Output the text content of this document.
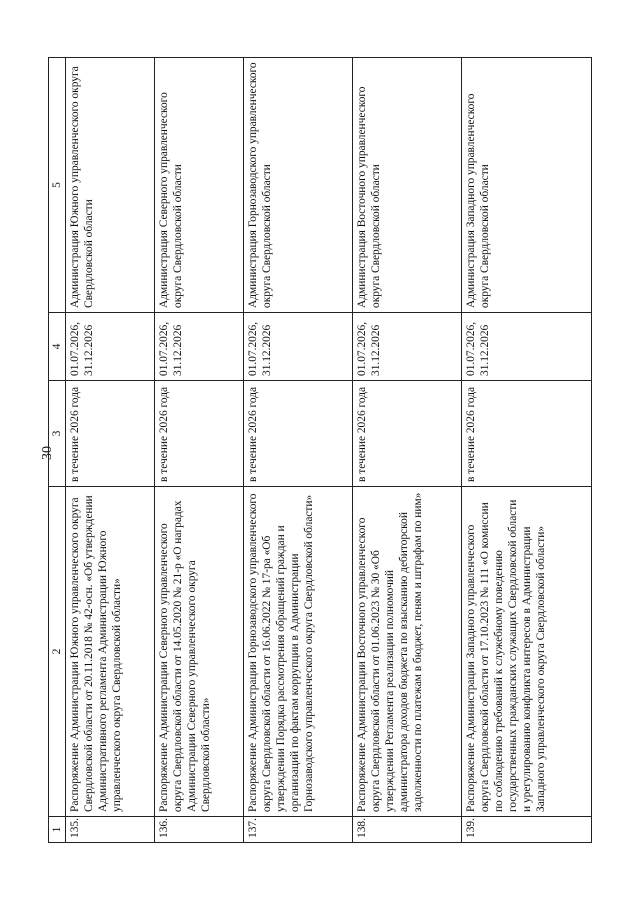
30
1	2	3	4	5
135.	Распоряжение Администрации Южного управленческого округа Свердловской области от 20.11.2018 № 42-осн. «Об утверждении Административного регламента Администрации Южного управленческого округа Свердловской области»	в течение 2026 года	01.07.2026, 31.12.2026	Администрация Южного управленческого округа Свердловской области
136.	Распоряжение Администрации Северного управленческого округа Свердловской области от 14.05.2020 № 21-р «О наградах Администрации Северного управленческого округа Свердловской области»	в течение 2026 года	01.07.2026, 31.12.2026	Администрация Северного управленческого округа Свердловской области
137.	Распоряжение Администрации Горнозаводского управленческого округа Свердловской области от 16.06.2022 № 17-ра «Об утверждении Порядка рассмотрения обращений граждан и организаций по фактам коррупции в Администрации Горнозаводского управленческого округа Свердловской области»	в течение 2026 года	01.07.2026, 31.12.2026	Администрация Горнозаводского управленческого округа Свердловской области
138.	Распоряжение Администрации Восточного управленческого округа Свердловской области от 01.06.2023 № 30 «Об утверждении Регламента реализации полномочий администратора доходов бюджета по взысканию дебиторской задолженности по платежам в бюджет, пеням и штрафам по ним»	в течение 2026 года	01.07.2026, 31.12.2026	Администрация Восточного управленческого округа Свердловской области
139.	Распоряжение Администрации Западного управленческого округа Свердловской области от 17.10.2023 № 111 «О комиссии по соблюдению требований к служебному поведению государственных гражданских служащих Свердловской области и урегулированию конфликта интересов в Администрации Западного управленческого округа Свердловской области»	в течение 2026 года	01.07.2026, 31.12.2026	Администрация Западного управленческого округа Свердловской области
